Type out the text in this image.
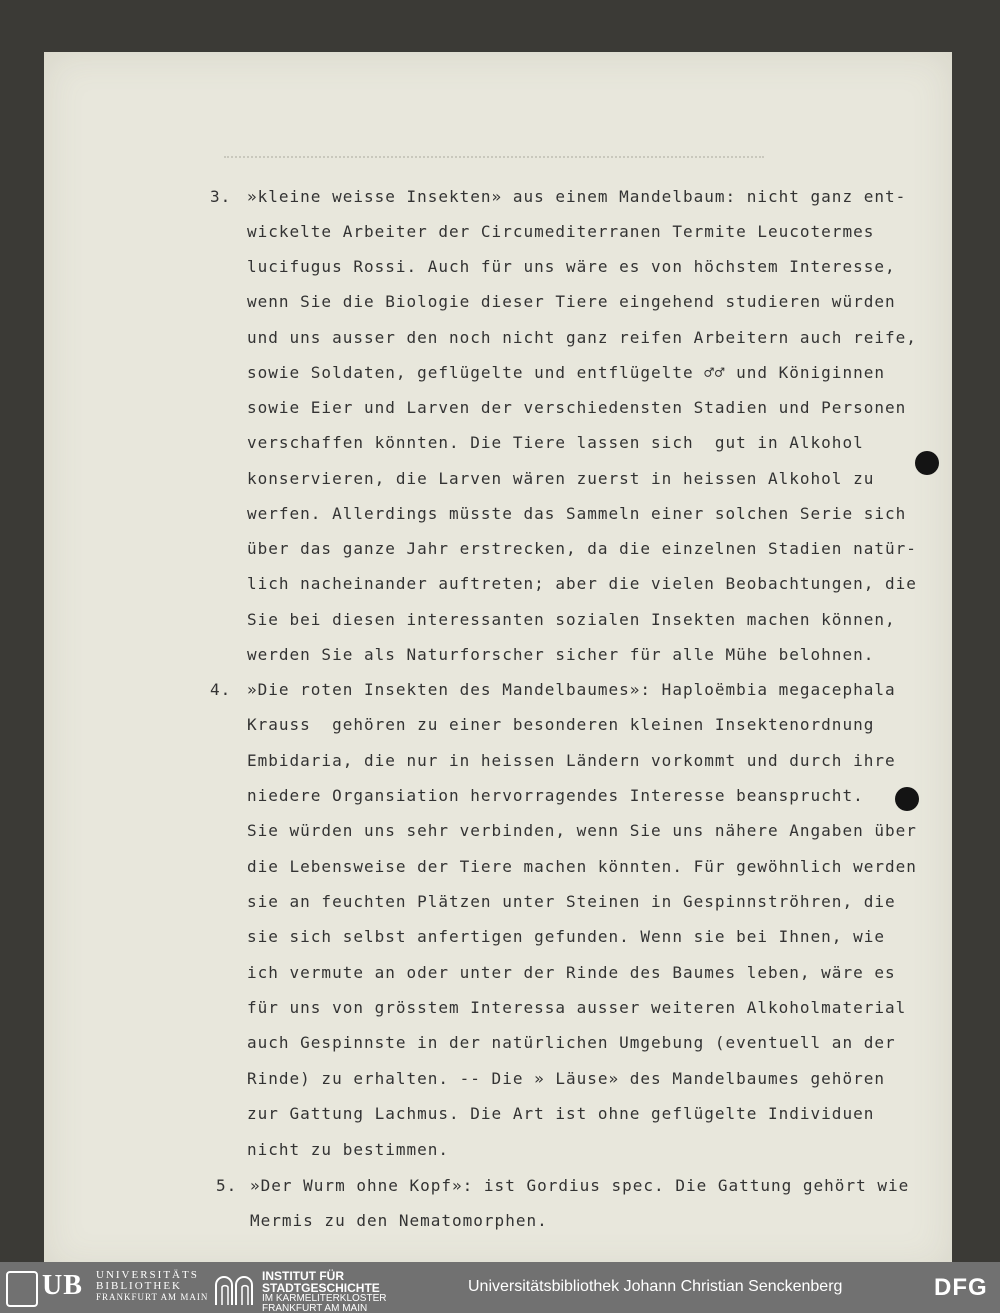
3. »kleine weisse Insekten» aus einem Mandelbaum: nicht ganz ent-
wickelte Arbeiter der Circumediterranen Termite Leucotermes
lucifugus Rossi. Auch für uns wäre es von höchstem Interesse,
wenn Sie die Biologie dieser Tiere eingehend studieren würden
und uns ausser den noch nicht ganz reifen Arbeitern auch reife,
sowie Soldaten, geflügelte und entflügelte ♂♂ und Königinnen
sowie Eier und Larven der verschiedensten Stadien und Personen
verschaffen könnten. Die Tiere lassen sich  gut in Alkohol
konservieren, die Larven wären zuerst in heissen Alkohol zu
werfen. Allerdings müsste das Sammeln einer solchen Serie sich
über das ganze Jahr erstrecken, da die einzelnen Stadien natür-
lich nacheinander auftreten; aber die vielen Beobachtungen, die
Sie bei diesen interessanten sozialen Insekten machen können,
werden Sie als Naturforscher sicher für alle Mühe belohnen.
4. »Die roten Insekten des Mandelbaumes»: Haploëmbia megacephala
Krauss  gehören zu einer besonderen kleinen Insektenordnung
Embidaria, die nur in heissen Ländern vorkommt und durch ihre
niedere Organsiation hervorragendes Interesse beansprucht.
Sie würden uns sehr verbinden, wenn Sie uns nähere Angaben über
die Lebensweise der Tiere machen könnten. Für gewöhnlich werden
sie an feuchten Plätzen unter Steinen in Gespinnströhren, die
sie sich selbst anfertigen gefunden. Wenn sie bei Ihnen, wie
ich vermute an oder unter der Rinde des Baumes leben, wäre es
für uns von grösstem Interessa ausser weiteren Alkoholmaterial
auch Gespinnste in der natürlichen Umgebung (eventuell an der
Rinde) zu erhalten. -- Die » Läuse» des Mandelbaumes gehören
zur Gattung Lachmus. Die Art ist ohne geflügelte Individuen
nicht zu bestimmen.
5. »Der Wurm ohne Kopf»: ist Gordius spec. Die Gattung gehört wie
Mermis zu den Nematomorphen.
UB UNIVERSITÄTS
BIBLIOTHEK
FRANKFURT AM MAIN
INSTITUT FÜR
STADTGESCHICHTE
IM KARMELITERKLOSTER
FRANKFURT AM MAIN
Universitätsbibliothek Johann Christian Senckenberg	DFG
